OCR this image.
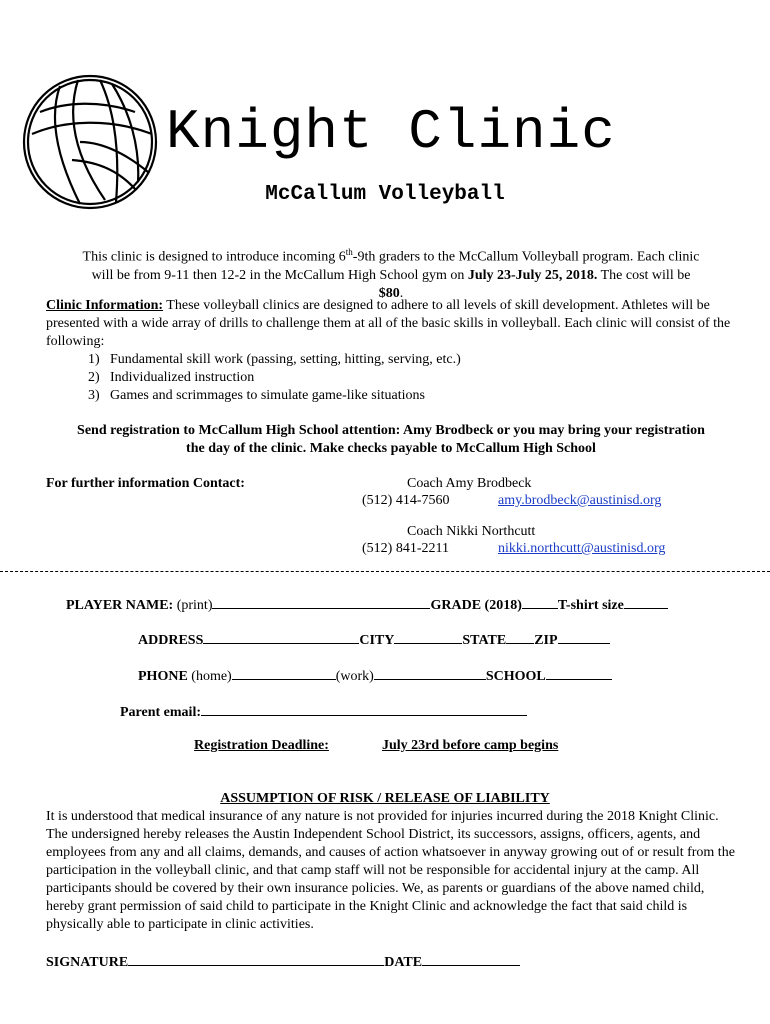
Knight Clinic
McCallum Volleyball
This clinic is designed to introduce incoming 6th-9th graders to the McCallum Volleyball program. Each clinic
will be from 9-11 then 12-2 in the McCallum High School gym on July 23-July 25, 2018. The cost will be
$80.
Clinic Information: These volleyball clinics are designed to adhere to all levels of skill development. Athletes will be presented with a wide array of drills to challenge them at all of the basic skills in volleyball. Each clinic will consist of the following:
1) Fundamental skill work (passing, setting, hitting, serving, etc.)
2) Individualized instruction
3) Games and scrimmages to simulate game-like situations
Send registration to McCallum High School attention: Amy Brodbeck or you may bring your registration
the day of the clinic. Make checks payable to McCallum High School
For further information Contact:	Coach Amy Brodbeck
(512) 414-7560	amy.brodbeck@austinisd.org
Coach Nikki Northcutt
(512) 841-2211	nikki.northcutt@austinisd.org
PLAYER NAME: (print)	GRADE (2018)	T-shirt size
ADDRESS	CITY	STATE ZIP
PHONE (home)	(work)	SCHOOL
Parent email:
Registration Deadline:	July 23rd before camp begins
ASSUMPTION OF RISK / RELEASE OF LIABILITY
It is understood that medical insurance of any nature is not provided for injuries incurred during the 2018 Knight Clinic. The undersigned hereby releases the Austin Independent School District, its successors, assigns, officers, agents, and employees from any and all claims, demands, and causes of action whatsoever in anyway growing out of or result from the participation in the volleyball clinic, and that camp staff will not be responsible for accidental injury at the camp. All participants should be covered by their own insurance policies. We, as parents or guardians of the above named child, hereby grant permission of said child to participate in the Knight Clinic and acknowledge the fact that said child is physically able to participate in clinic activities.
SIGNATURE	DATE
